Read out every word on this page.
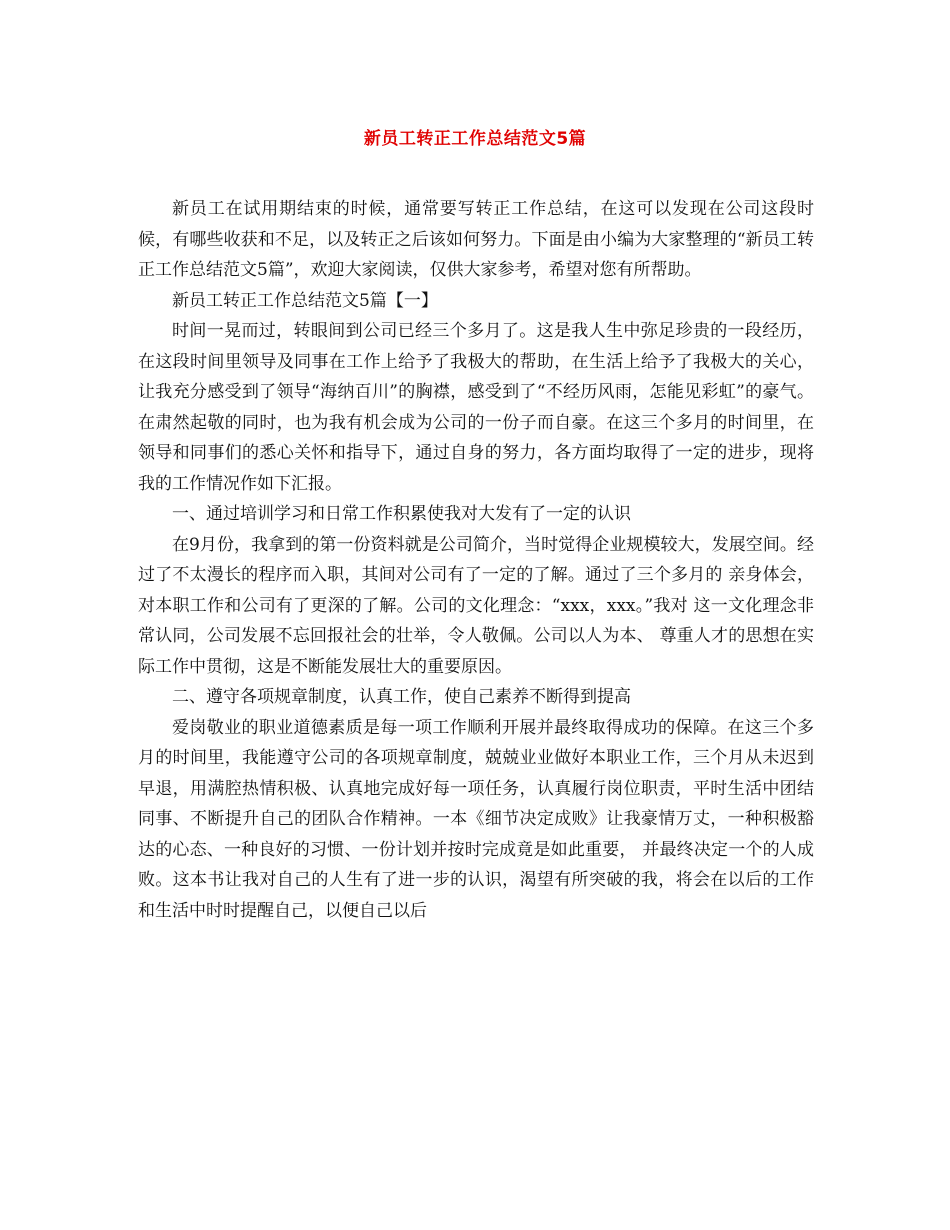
新员工转正工作总结范文5篇

新员工在试用期结束的时候，通常要写转正工作总结，在这可以发现在公司这段时候，有哪些收获和不足，以及转正之后该如何努力。下面是由小编为大家整理的“新员工转正工作总结范文5篇”，欢迎大家阅读，仅供大家参考，希望对您有所帮助。

新员工转正工作总结范文5篇【一】

时间一晃而过，转眼间到公司已经三个多月了。这是我人生中弥足珍贵的一段经历，在这段时间里领导及同事在工作上给予了我极大的帮助，在生活上给予了我极大的关心，让我充分感受到了领导“海纳百川”的胸襟，感受到了“不经历风雨，怎能见彩虹”的豪气。在肃然起敬的同时，也为我有机会成为公司的一份子而自豪。在这三个多月的时间里，在领导和同事们的悉心关怀和指导下，通过自身的努力，各方面均取得了一定的进步，现将我的工作情况作如下汇报。

一、通过培训学习和日常工作积累使我对大发有了一定的认识

在9月份，我拿到的第一份资料就是公司简介，当时觉得企业规模较大，发展空间。经过了不太漫长的程序而入职，其间对公司有了一定的了解。通过了三个多月的 亲身体会，对本职工作和公司有了更深的了解。公司的文化理念：“xxx，xxx。”我对 这一文化理念非常认同，公司发展不忘回报社会的壮举，令人敬佩。公司以人为本、 尊重人才的思想在实际工作中贯彻，这是不断能发展壮大的重要原因。

二、遵守各项规章制度，认真工作，使自己素养不断得到提高

爱岗敬业的职业道德素质是每一项工作顺利开展并最终取得成功的保障。在这三个多月的时间里，我能遵守公司的各项规章制度，兢兢业业做好本职业工作，三个月从未迟到早退，用满腔热情积极、认真地完成好每一项任务，认真履行岗位职责，平时生活中团结同事、不断提升自己的团队合作精神。一本《细节决定成败》让我豪情万丈，一种积极豁达的心态、一种良好的习惯、一份计划并按时完成竟是如此重要， 并最终决定一个的人成败。这本书让我对自己的人生有了进一步的认识，渴望有所突破的我，将会在以后的工作和生活中时时提醒自己，以便自己以后
